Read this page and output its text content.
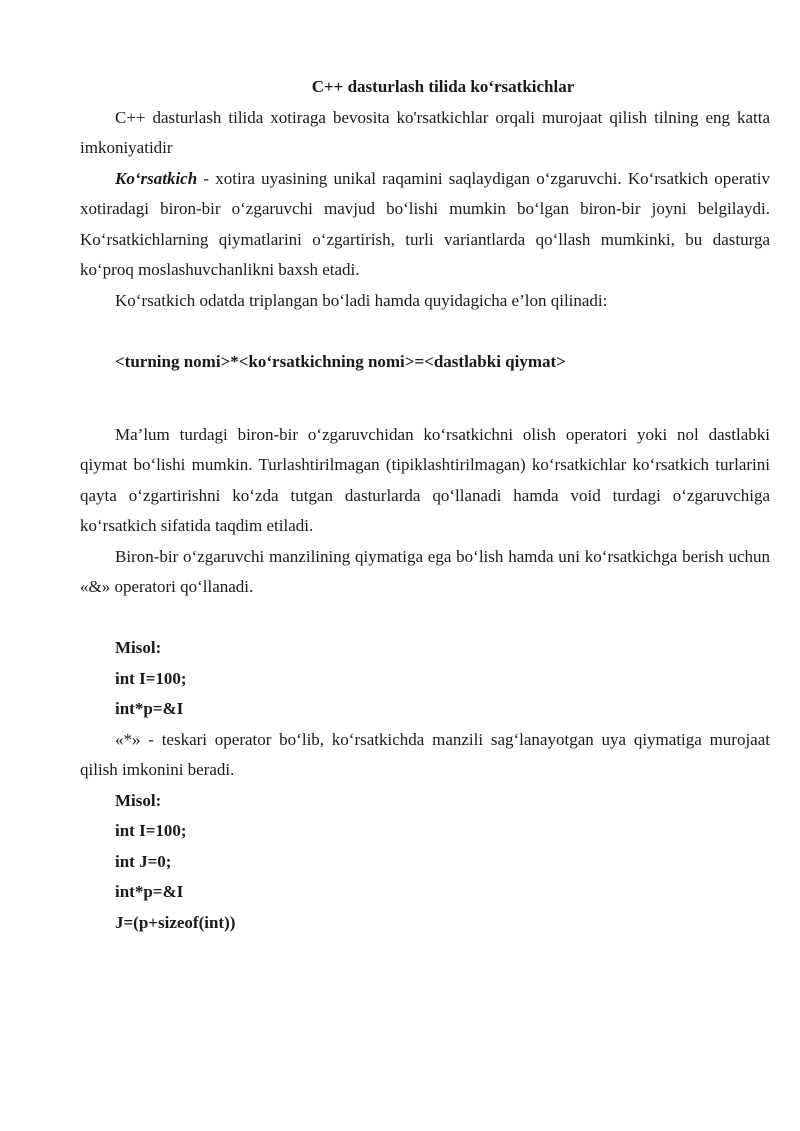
C++ dasturlash tilida ko‘rsatkichlar

C++ dasturlash tilida xotiraga bevosita ko'rsatkichlar orqali murojaat qilish tilning eng katta imkoniyatidir

Ko‘rsatkich - xotira uyasining unikal raqamini saqlaydigan o‘zgaruvchi. Ko‘rsatkich operativ xotiradagi biron-bir o‘zgaruvchi mavjud bo‘lishi mumkin bo‘lgan biron-bir joyni belgilaydi. Ko‘rsatkichlarning qiymatlarini o‘zgartirish, turli variantlarda qo‘llash mumkinki, bu dasturga ko‘proq moslashuvchanlikni baxsh etadi.

Ko‘rsatkich odatda triplangan bo‘ladi hamda quyidagicha e’lon qilinadi:

<turning nomi>*<ko‘rsatkichning nomi>=<dastlabki qiymat>

Ma’lum turdagi biron-bir o‘zgaruvchidan ko‘rsatkichni olish operatori yoki nol dastlabki qiymat bo‘lishi mumkin. Turlashtirilmagan (tipiklashtirilmagan) ko‘rsatkichlar ko‘rsatkich turlarini qayta o‘zgartirishni ko‘zda tutgan dasturlarda qo‘llanadi hamda void turdagi o‘zgaruvchiga ko‘rsatkich sifatida taqdim etiladi.

Biron-bir o‘zgaruvchi manzilining qiymatiga ega bo‘lish hamda uni ko‘rsatkichga berish uchun «&» operatori qo‘llanadi.

Misol:

int I=100;

int*p=&I

«*» - teskari operator bo‘lib, ko‘rsatkichda manzili sag‘lanayotgan uya qiymatiga murojaat qilish imkonini beradi.

Misol:

int I=100;

int J=0;

int*p=&I

J=(p+sizeof(int))
